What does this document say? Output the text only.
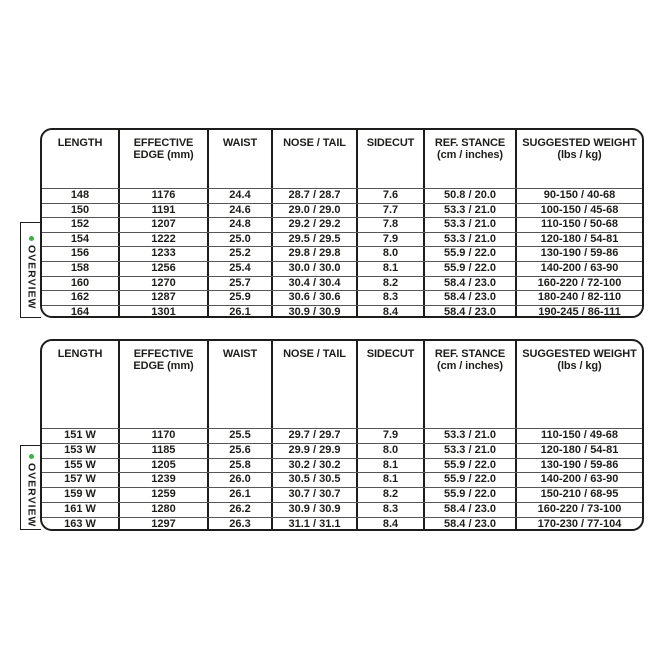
OVERVIEW
LENGTH	EFFECTIVE
EDGE (mm)
WAIST	NOSE / TAIL	SIDECUT	REF. STANCE
(cm / inches)
SUGGESTED WEIGHT
(lbs / kg)
148	1176	24.4	28.7 / 28.7	7.6	50.8 / 20.0	90-150 / 40-68
150	1191	24.6	29.0 / 29.0	7.7	53.3 / 21.0	100-150 / 45-68
152	1207	24.8	29.2 / 29.2	7.8	53.3 / 21.0	110-150 / 50-68
154	1222	25.0	29.5 / 29.5	7.9	53.3 / 21.0	120-180 / 54-81
156	1233	25.2	29.8 / 29.8	8.0	55.9 / 22.0	130-190 / 59-86
158	1256	25.4	30.0 / 30.0	8.1	55.9 / 22.0	140-200 / 63-90
160	1270	25.7	30.4 / 30.4	8.2	58.4 / 23.0	160-220 / 72-100
162	1287	25.9	30.6 / 30.6	8.3	58.4 / 23.0	180-240 / 82-110
164	1301	26.1	30.9 / 30.9	8.4	58.4 / 23.0	190-245 / 86-111
OVERVIEW
LENGTH	EFFECTIVE
EDGE (mm)
WAIST	NOSE / TAIL	SIDECUT	REF. STANCE
(cm / inches)
SUGGESTED WEIGHT
(lbs / kg)
151 W	1170	25.5	29.7 / 29.7	7.9	53.3 / 21.0	110-150 / 49-68
153 W	1185	25.6	29.9 / 29.9	8.0	53.3 / 21.0	120-180 / 54-81
155 W	1205	25.8	30.2 / 30.2	8.1	55.9 / 22.0	130-190 / 59-86
157 W	1239	26.0	30.5 / 30.5	8.1	55.9 / 22.0	140-200 / 63-90
159 W	1259	26.1	30.7 / 30.7	8.2	55.9 / 22.0	150-210 / 68-95
161 W	1280	26.2	30.9 / 30.9	8.3	58.4 / 23.0	160-220 / 73-100
163 W	1297	26.3	31.1 / 31.1	8.4	58.4 / 23.0	170-230 / 77-104
